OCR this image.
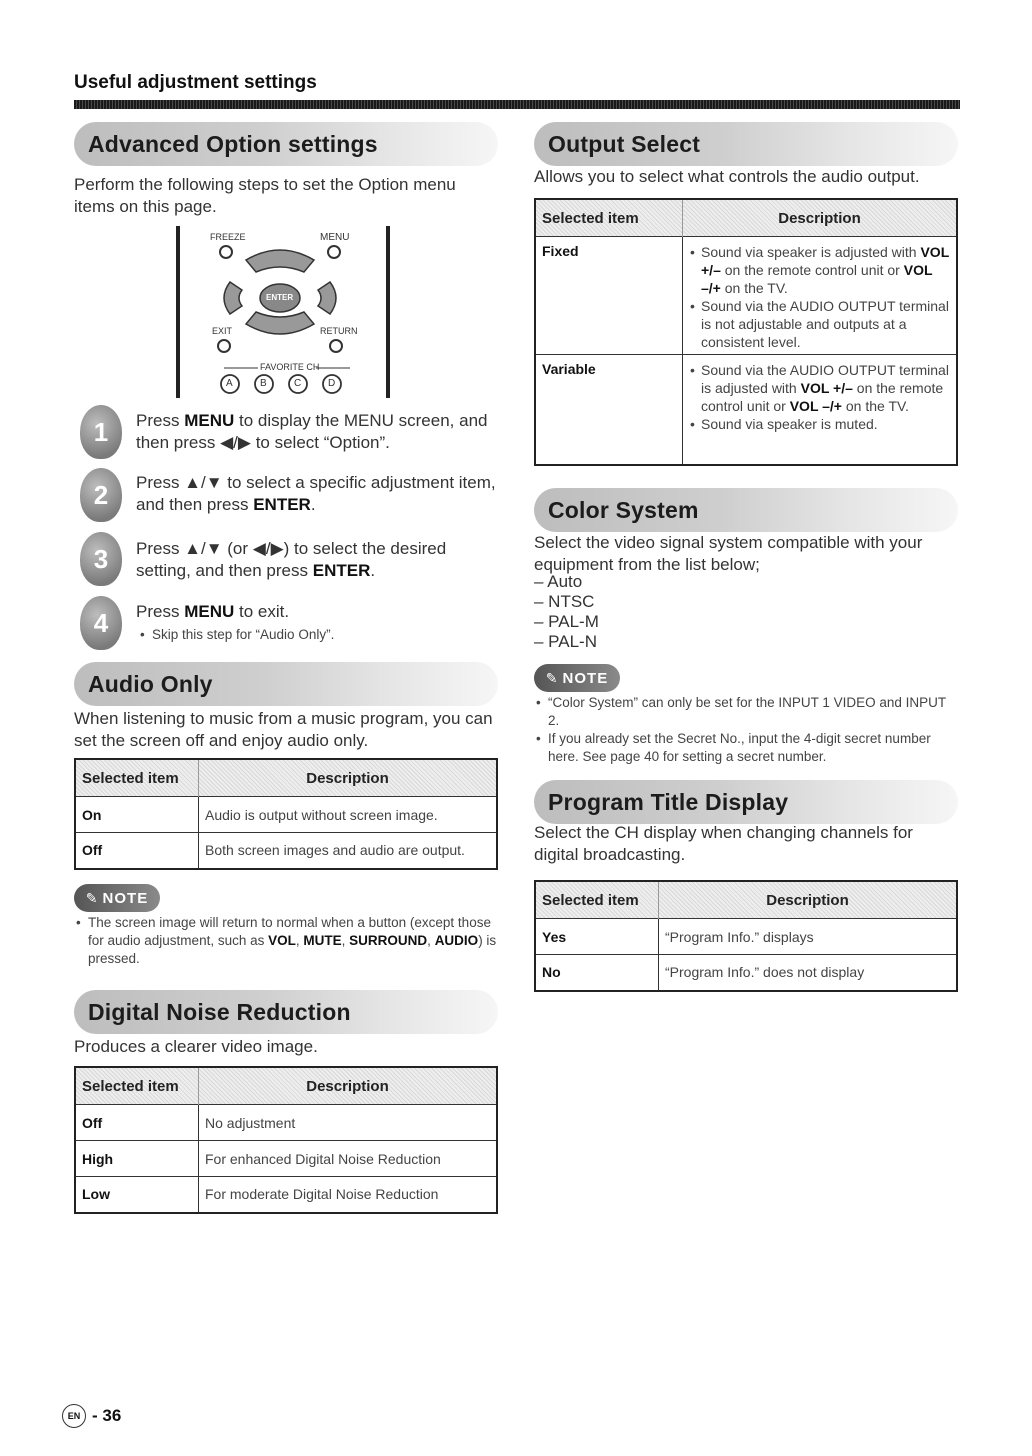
Useful adjustment settings
Advanced Option settings
Perform the following steps to set the Option menu items on this page.
FREEZE	MENU
ENTER
EXIT	RETURN
FAVORITE CH
A	B	C	D
1	Press MENU to display the MENU screen, and then press ◀/▶ to select “Option”.
2	Press ▲/▼ to select a specific adjustment item, and then press ENTER.
3	Press ▲/▼ (or ◀/▶) to select the desired setting, and then press ENTER.
4	Press MENU to exit.
• Skip this step for “Audio Only”.
Audio Only
When listening to music from a music program, you can set the screen off and enjoy audio only.
Selected item	Description
On	Audio is output without screen image.
Off	Both screen images and audio are output.
✎ NOTE
• The screen image will return to normal when a button (except those for audio adjustment, such as VOL, MUTE, SURROUND, AUDIO) is pressed.
Digital Noise Reduction
Produces a clearer video image.
Selected item	Description
Off	No adjustment
High	For enhanced Digital Noise Reduction
Low	For moderate Digital Noise Reduction
Output Select
Allows you to select what controls the audio output.
Selected item	Description
Fixed	• Sound via speaker is adjusted with VOL +/– on the remote control unit or VOL –/+ on the TV.
• Sound via the AUDIO OUTPUT terminal is not adjustable and outputs at a consistent level.

Variable	• Sound via the AUDIO OUTPUT terminal is adjusted with VOL +/– on the remote control unit or VOL –/+ on the TV.
• Sound via speaker is muted.
Color System
Select the video signal system compatible with your equipment from the list below;
– Auto
– NTSC
– PAL-M
– PAL-N
✎ NOTE
• “Color System” can only be set for the INPUT 1 VIDEO and INPUT 2.
• If you already set the Secret No., input the 4-digit secret number here. See page 40 for setting a secret number.
Program Title Display
Select the CH display when changing channels for digital broadcasting.
Selected item	Description
Yes	“Program Info.” displays
No	“Program Info.” does not display
EN - 36
